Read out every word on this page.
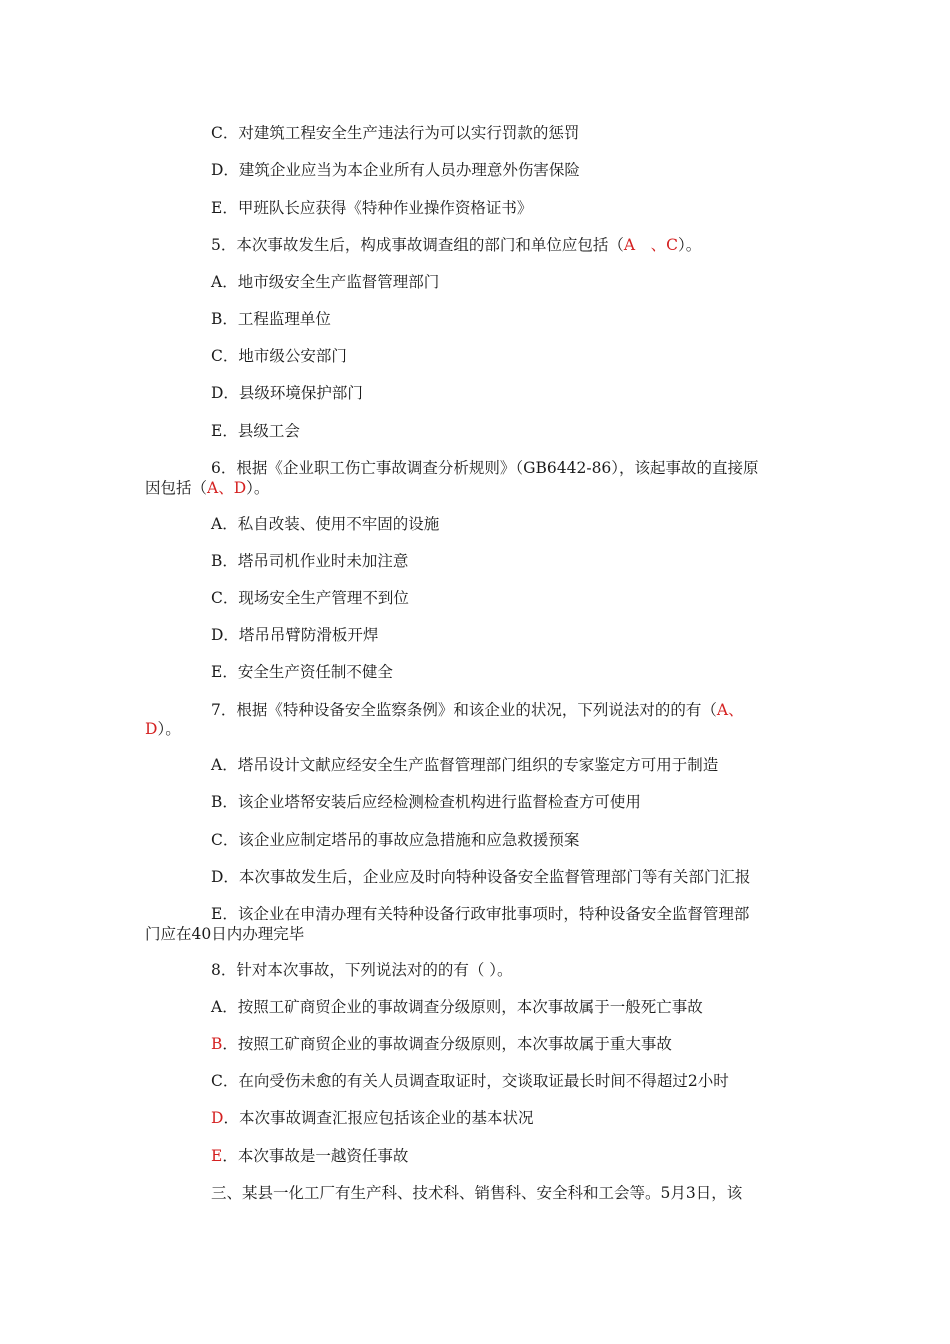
C．对建筑工程安全生产违法行为可以实行罚款的惩罚
D．建筑企业应当为本企业所有人员办理意外伤害保险
E．甲班队长应获得《特种作业操作资格证书》
5．本次事故发生后，构成事故调查组的部门和单位应包括（A　、C）。
A．地市级安全生产监督管理部门
B．工程监理单位
C．地市级公安部门
D．县级环境保护部门
E．县级工会
6．根据《企业职工伤亡事故调查分析规则》（GB6442-86），该起事故的直接原
因包括（A、D）。
A．私自改装、使用不牢固的设施
B．塔吊司机作业时未加注意
C．现场安全生产管理不到位
D．塔吊吊臂防滑板开焊
E．安全生产资任制不健全
7．根据《特种设备安全监察条例》和该企业的状况，下列说法对的的有（A、
D）。
A．塔吊设计文献应经安全生产监督管理部门组织的专家鉴定方可用于制造
B．该企业塔帑安装后应经检测检查机构进行监督检查方可使用
C．该企业应制定塔吊的事故应急措施和应急救援预案
D．本次事故发生后，企业应及时向特种设备安全监督管理部门等有关部门汇报
E．该企业在申清办理有关特种设备行政审批事项时，特种设备安全监督管理部
门应在40日内办理完毕
8．针对本次事故，下列说法对的的有（ ）。
A．按照工矿商贸企业的事故调查分级原则，本次事故属于一般死亡事故
B．按照工矿商贸企业的事故调查分级原则，本次事故属于重大事故
C．在向受伤未愈的有关人员调查取证时，交谈取证最长时间不得超过2小时
D．本次事故调查汇报应包括该企业的基本状况
E．本次事故是一越资任事故
三、某县一化工厂有生产科、技术科、销售科、安全科和工会等。5月3日，该
